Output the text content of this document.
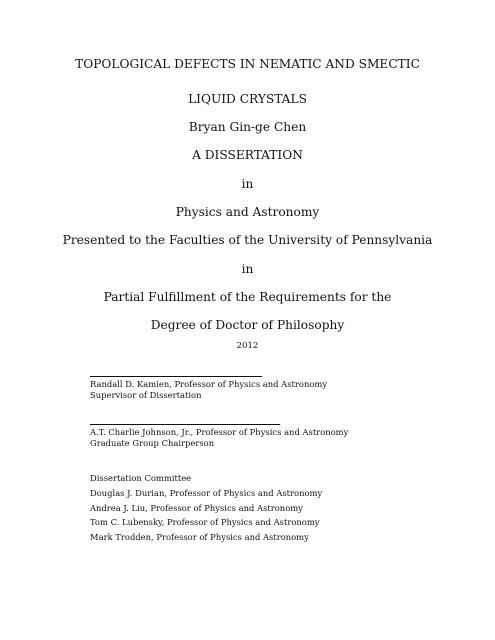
TOPOLOGICAL DEFECTS IN NEMATIC AND SMECTIC
LIQUID CRYSTALS
Bryan Gin-ge Chen
A DISSERTATION
in
Physics and Astronomy
Presented to the Faculties of the University of Pennsylvania
in
Partial Fulfillment of the Requirements for the
Degree of Doctor of Philosophy
2012
Randall D. Kamien, Professor of Physics and Astronomy
Supervisor of Dissertation
A.T. Charlie Johnson, Jr., Professor of Physics and Astronomy
Graduate Group Chairperson
Dissertation Committee
Douglas J. Durian, Professor of Physics and Astronomy
Andrea J. Liu, Professor of Physics and Astronomy
Tom C. Lubensky, Professor of Physics and Astronomy
Mark Trodden, Professor of Physics and Astronomy
